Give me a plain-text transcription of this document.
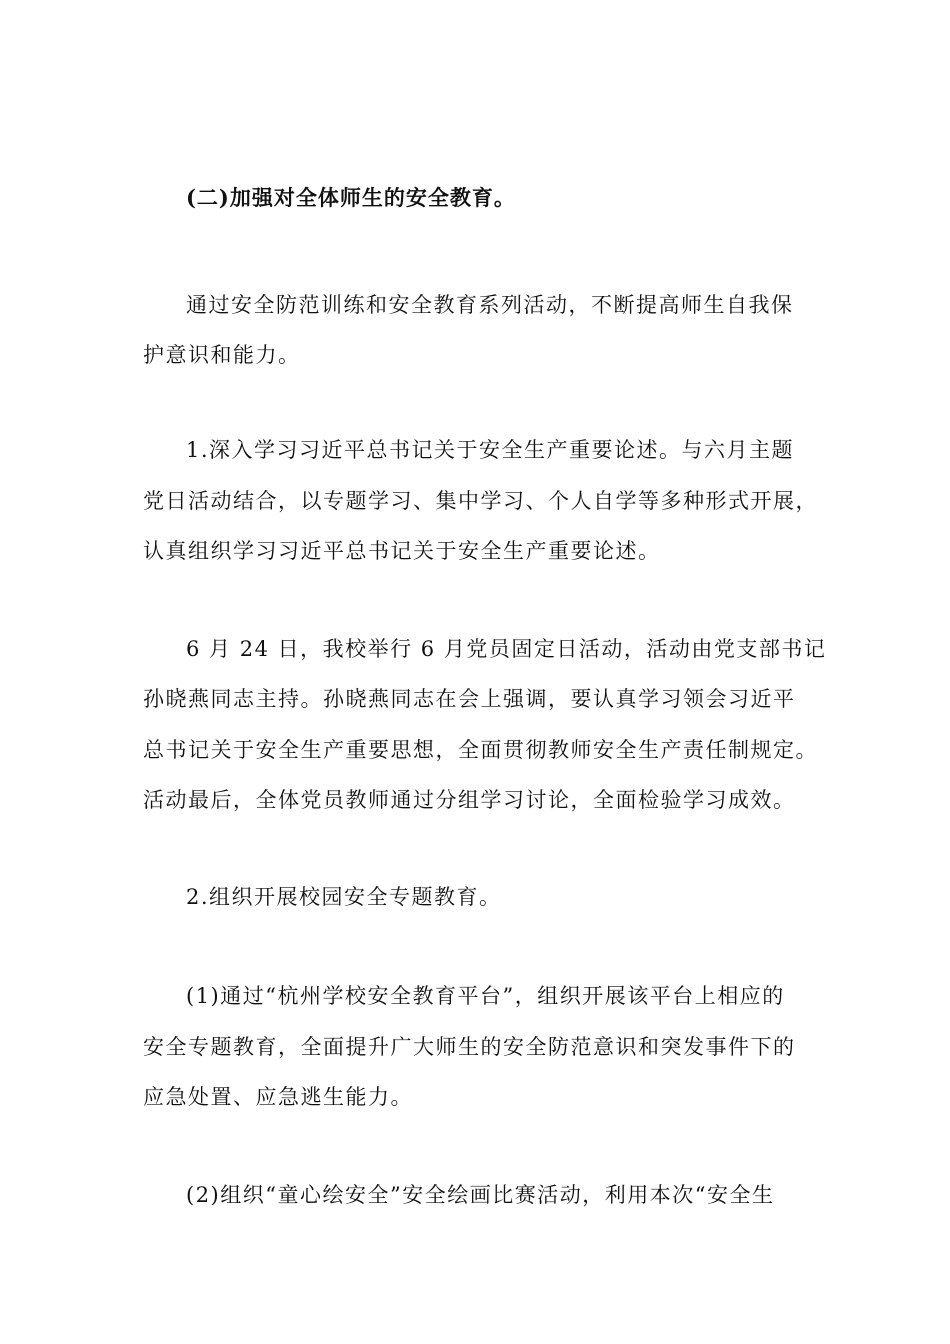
(二)加强对全体师生的安全教育。
通过安全防范训练和安全教育系列活动，不断提高师生自我保
护意识和能力。
1.深入学习习近平总书记关于安全生产重要论述。与六月主题
党日活动结合，以专题学习、集中学习、个人自学等多种形式开展，
认真组织学习习近平总书记关于安全生产重要论述。
6 月 24 日，我校举行 6 月党员固定日活动，活动由党支部书记
孙晓燕同志主持。孙晓燕同志在会上强调，要认真学习领会习近平
总书记关于安全生产重要思想，全面贯彻教师安全生产责任制规定。
活动最后，全体党员教师通过分组学习讨论，全面检验学习成效。
2.组织开展校园安全专题教育。
(1)通过“杭州学校安全教育平台”，组织开展该平台上相应的
安全专题教育，全面提升广大师生的安全防范意识和突发事件下的
应急处置、应急逃生能力。
(2)组织“童心绘安全”安全绘画比赛活动，利用本次“安全生
